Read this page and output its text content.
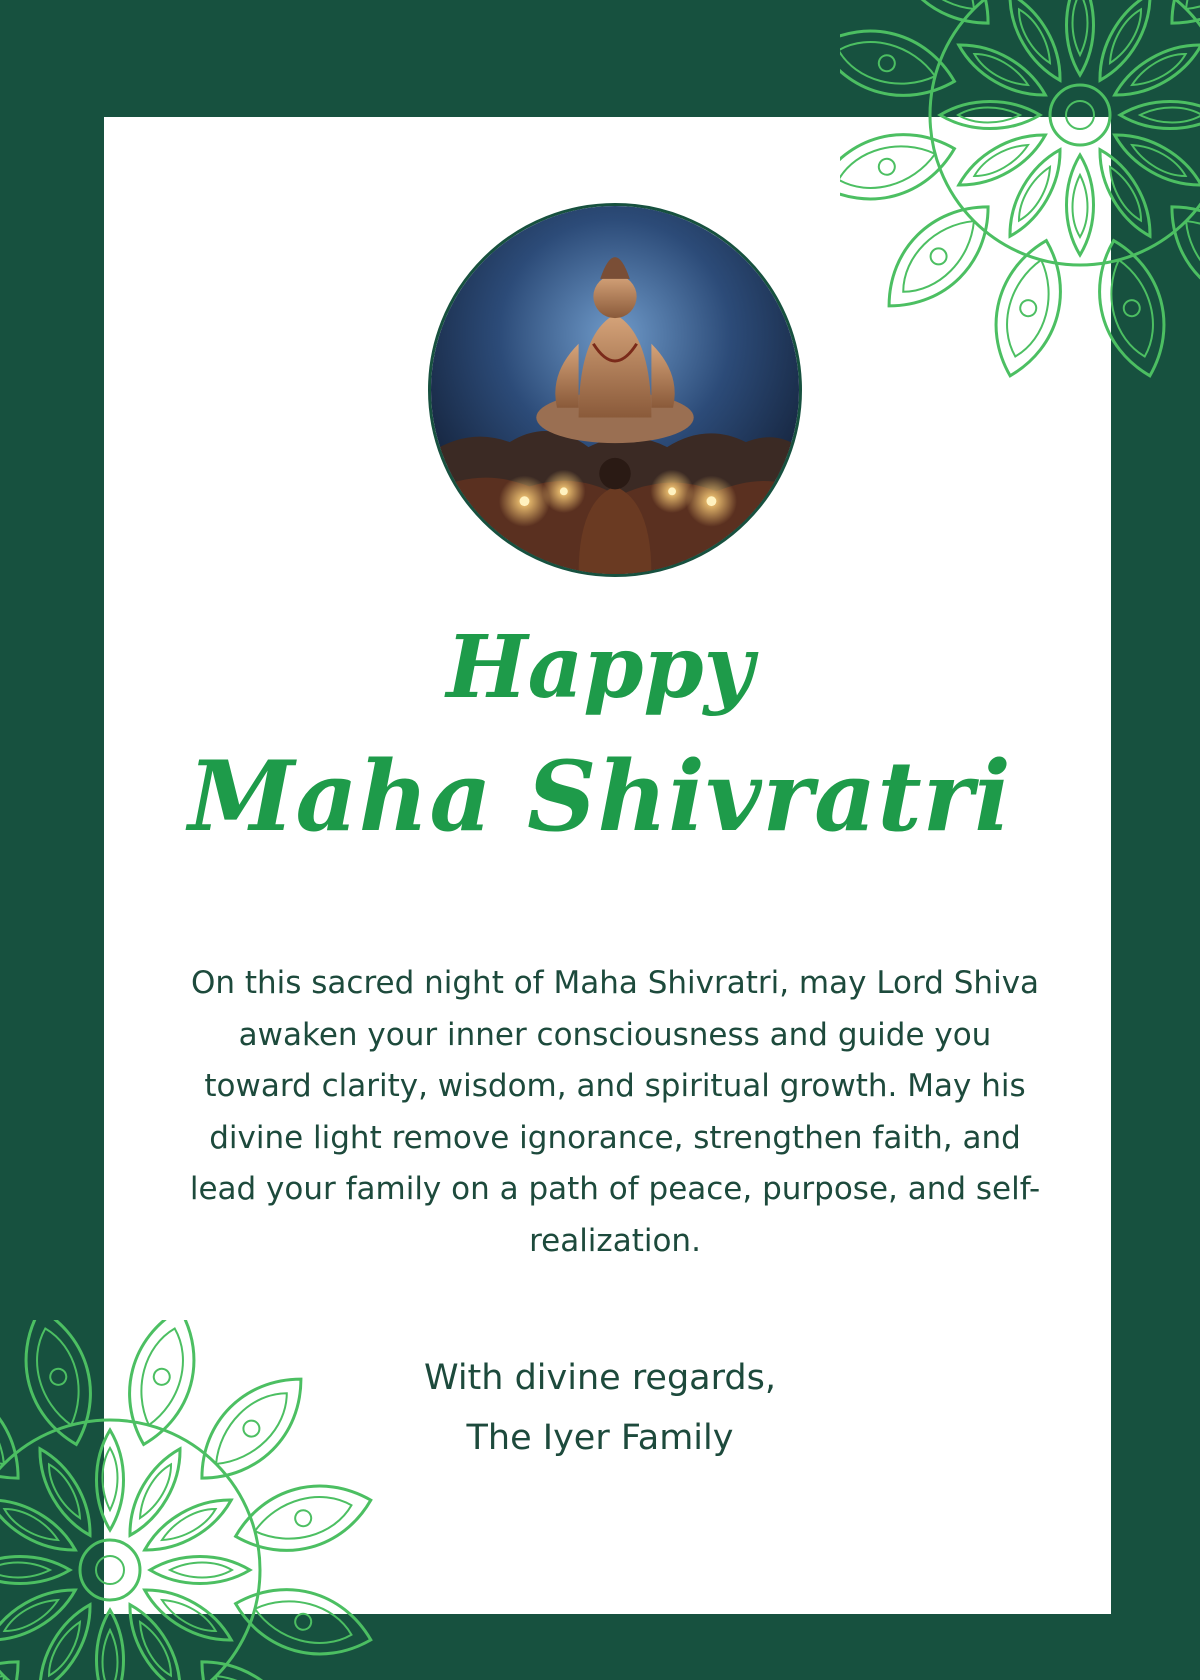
Happy
Maha Shivratri

On this sacred night of Maha Shivratri, may Lord Shiva awaken your inner consciousness and guide you toward clarity, wisdom, and spiritual growth. May his divine light remove ignorance, strengthen faith, and lead your family on a path of peace, purpose, and self-realization.

With divine regards,

The Iyer Family
